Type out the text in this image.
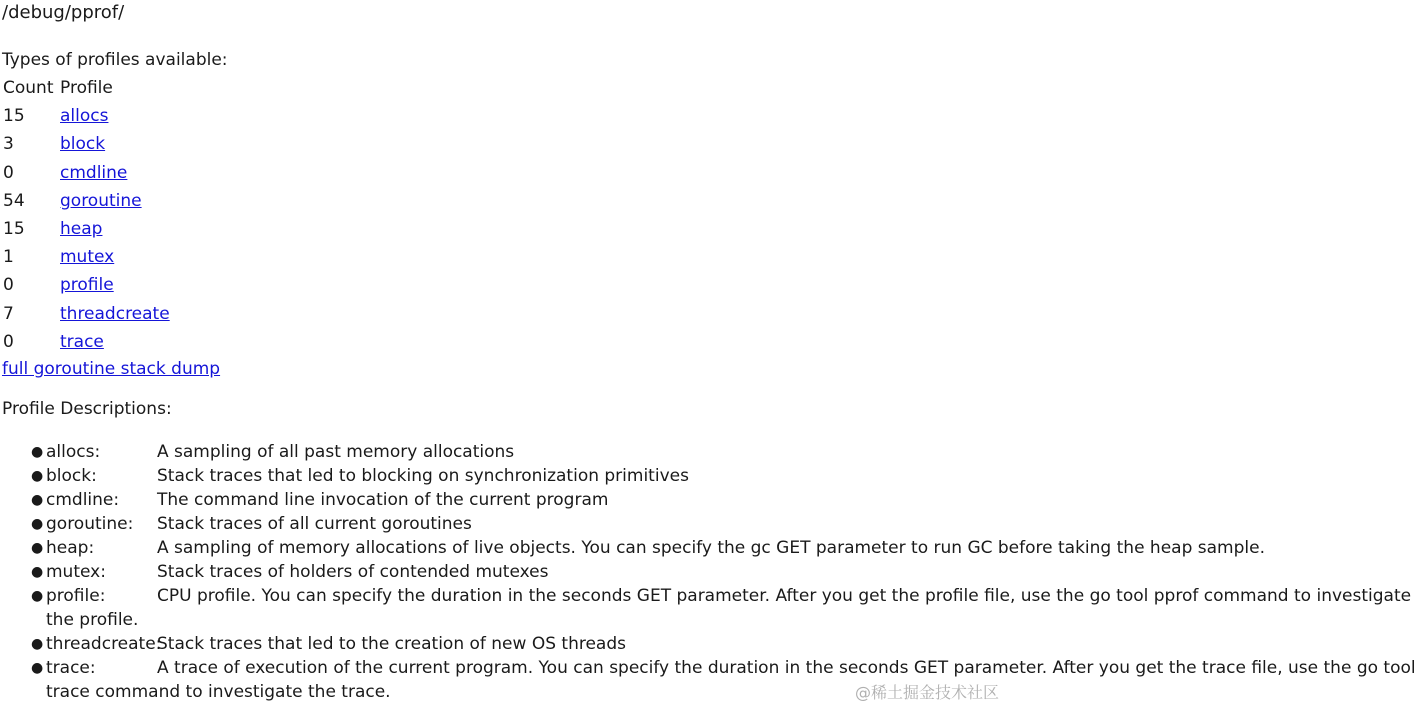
/debug/pprof/
Types of profiles available:
Count	Profile
15	allocs
3	block
0	cmdline
54	goroutine
15	heap
1	mutex
0	profile
7	threadcreate
0	trace
full goroutine stack dump
Profile Descriptions:
● allocs:	A sampling of all past memory allocations
● block:	Stack traces that led to blocking on synchronization primitives
● cmdline: The command line invocation of the current program
● goroutine: Stack traces of all current goroutines
● heap:	A sampling of memory allocations of live objects. You can specify the gc GET parameter to run GC before taking the heap sample.
● mutex:	Stack traces of holders of contended mutexes
● profile:	CPU profile. You can specify the duration in the seconds GET parameter. After you get the profile file, use the go tool pprof command to investigate
the profile.
● threadcreate:Stack traces that led to the creation of new OS threads
● trace:	A trace of execution of the current program. You can specify the duration in the seconds GET parameter. After you get the trace file, use the go tool
trace command to investigate the trace.	@稀土掘金技术社区
